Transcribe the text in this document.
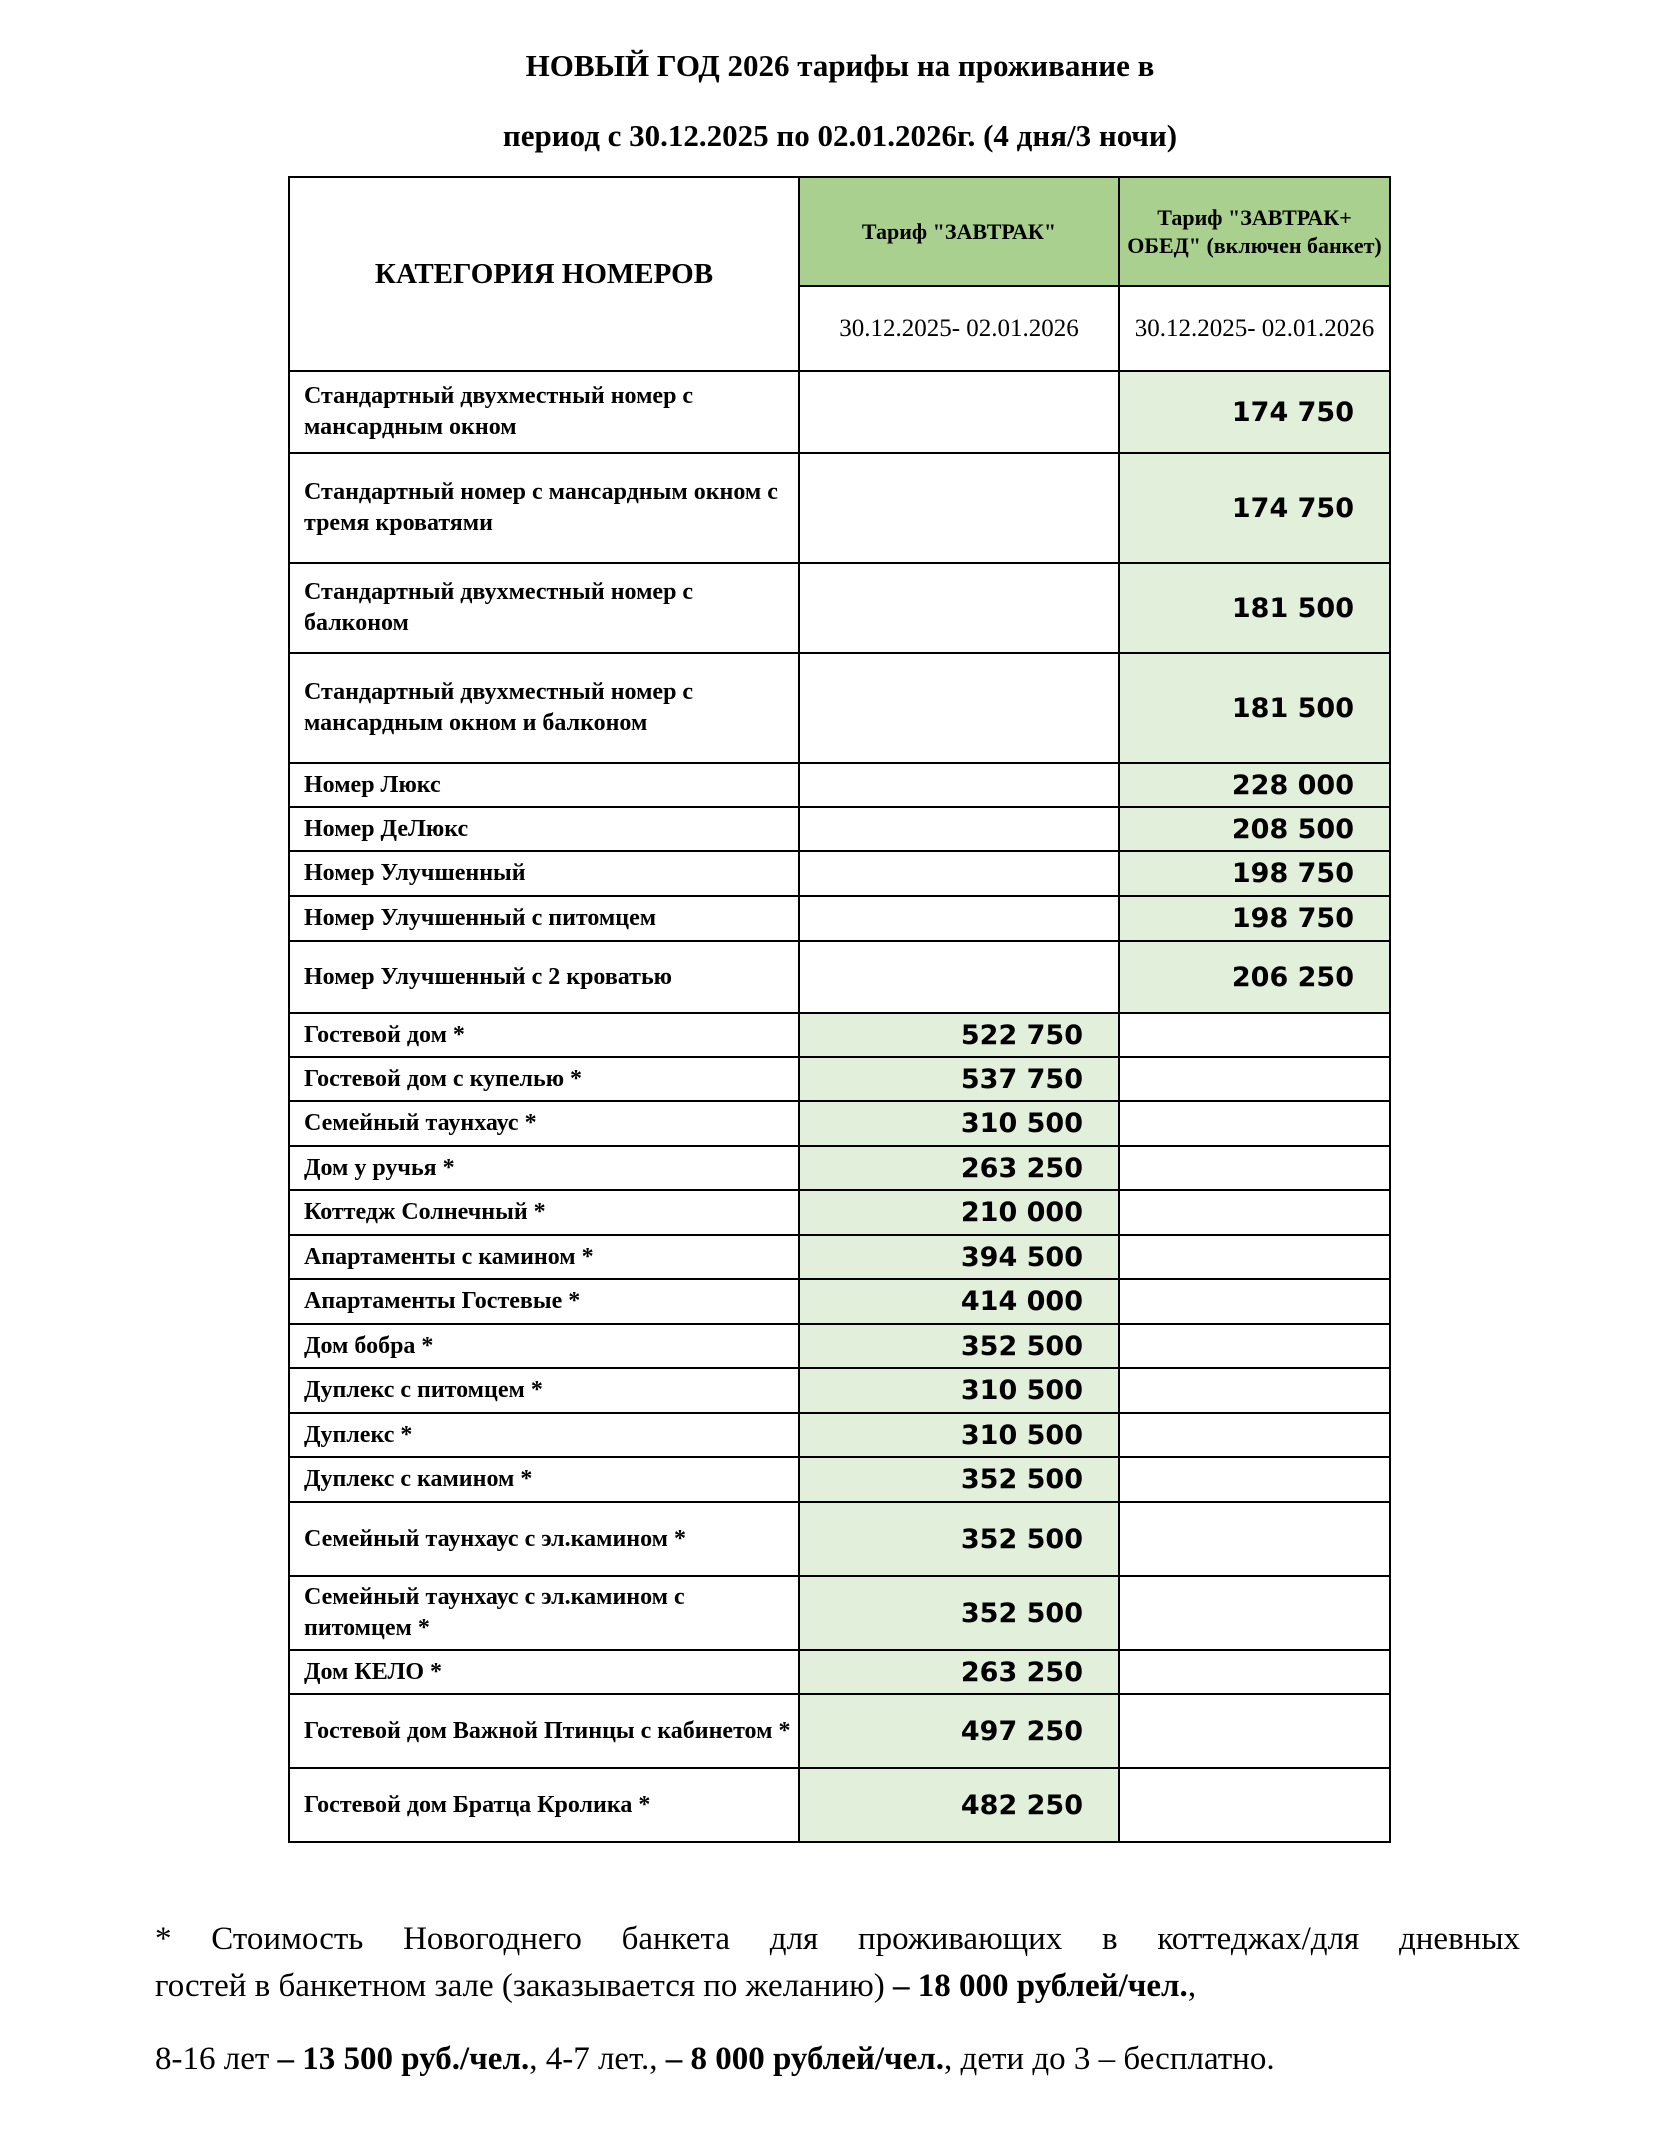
НОВЫЙ ГОД 2026 тарифы на проживание в
период с 30.12.2025 по 02.01.2026г. (4 дня/3 ночи)
КАТЕГОРИЯ НОМЕРОВ	Тариф "ЗАВТРАК"	Тариф "ЗАВТРАК+ ОБЕД" (включен банкет)
	30.12.2025- 02.01.2026	30.12.2025- 02.01.2026
Стандартный двухместный номер с мансардным окном		174 750
Стандартный номер с мансардным окном с тремя кроватями		174 750
Стандартный двухместный номер с балконом		181 500
Стандартный двухместный номер с мансардным окном и балконом		181 500
Номер Люкс		228 000
Номер ДеЛюкс		208 500
Номер Улучшенный		198 750
Номер Улучшенный с питомцем		198 750
Номер Улучшенный с 2 кроватью		206 250
Гостевой дом *	522 750	
Гостевой дом с купелью *	537 750	
Семейный таунхаус *	310 500	
Дом у ручья *	263 250	
Коттедж Солнечный *	210 000	
Апартаменты с камином *	394 500	
Апартаменты Гостевые *	414 000	
Дом бобра *	352 500	
Дуплекс с питомцем *	310 500	
Дуплекс *	310 500	
Дуплекс с камином *	352 500	
Семейный таунхаус с эл.камином *	352 500	
Семейный таунхаус с эл.камином с питомцем *	352 500	
Дом КЕЛО *	263 250	
Гостевой дом Важной Птинцы с кабинетом *	497 250	
Гостевой дом Братца Кролика *	482 250	
* Стоимость Новогоднего банкета для проживающих в коттеджах/для дневных
гостей в банкетном зале (заказывается по желанию) – 18 000 рублей/чел.,
8-16 лет – 13 500 руб./чел., 4-7 лет., – 8 000 рублей/чел., дети до 3 – бесплатно.
